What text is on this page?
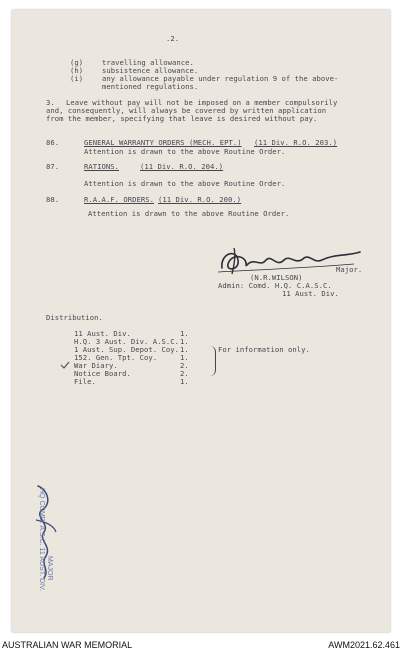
.2.
(g)	travelling allowance.
(h)	subsistence allowance.
(i)	any allowance payable under regulation 9 of the above-
mentioned regulations.
3. Leave without pay will not be imposed on a member compulsorily
and, consequently, will always be covered by written application
from the member, specifying that leave is desired without pay.
86.	GENERAL WARRANTY ORDERS (MECH. EPT.) (11 Div. R.O. 203.)
Attention is drawn to the above Routine Order.
87.	RATIONS.	(11 Div. R.O. 204.)
Attention is drawn to the above Routine Order.
88.	R.A.A.F. ORDERS. (11 Div. R.O. 200.)
Attention is drawn to the above Routine Order.
Major.
(N.R.WILSON)
Admin: Comd. H.Q. C.A.S.C.
11 Aust. Div.
Distribution.
11 Aust. Div.	1.
H.Q. 3 Aust. Div. A.S.C. 1.
1 Aust. Sup. Depot. Coy. 1.
152. Gen. Tpt. Coy.	1.
War Diary.	2.
Notice Board.	2.
File.	1.
For information only.
HQ COMD. A.S.C. 11 AUST. DIV. MAJOR
AUSTRALIAN WAR MEMORIAL	AWM2021.62.461
